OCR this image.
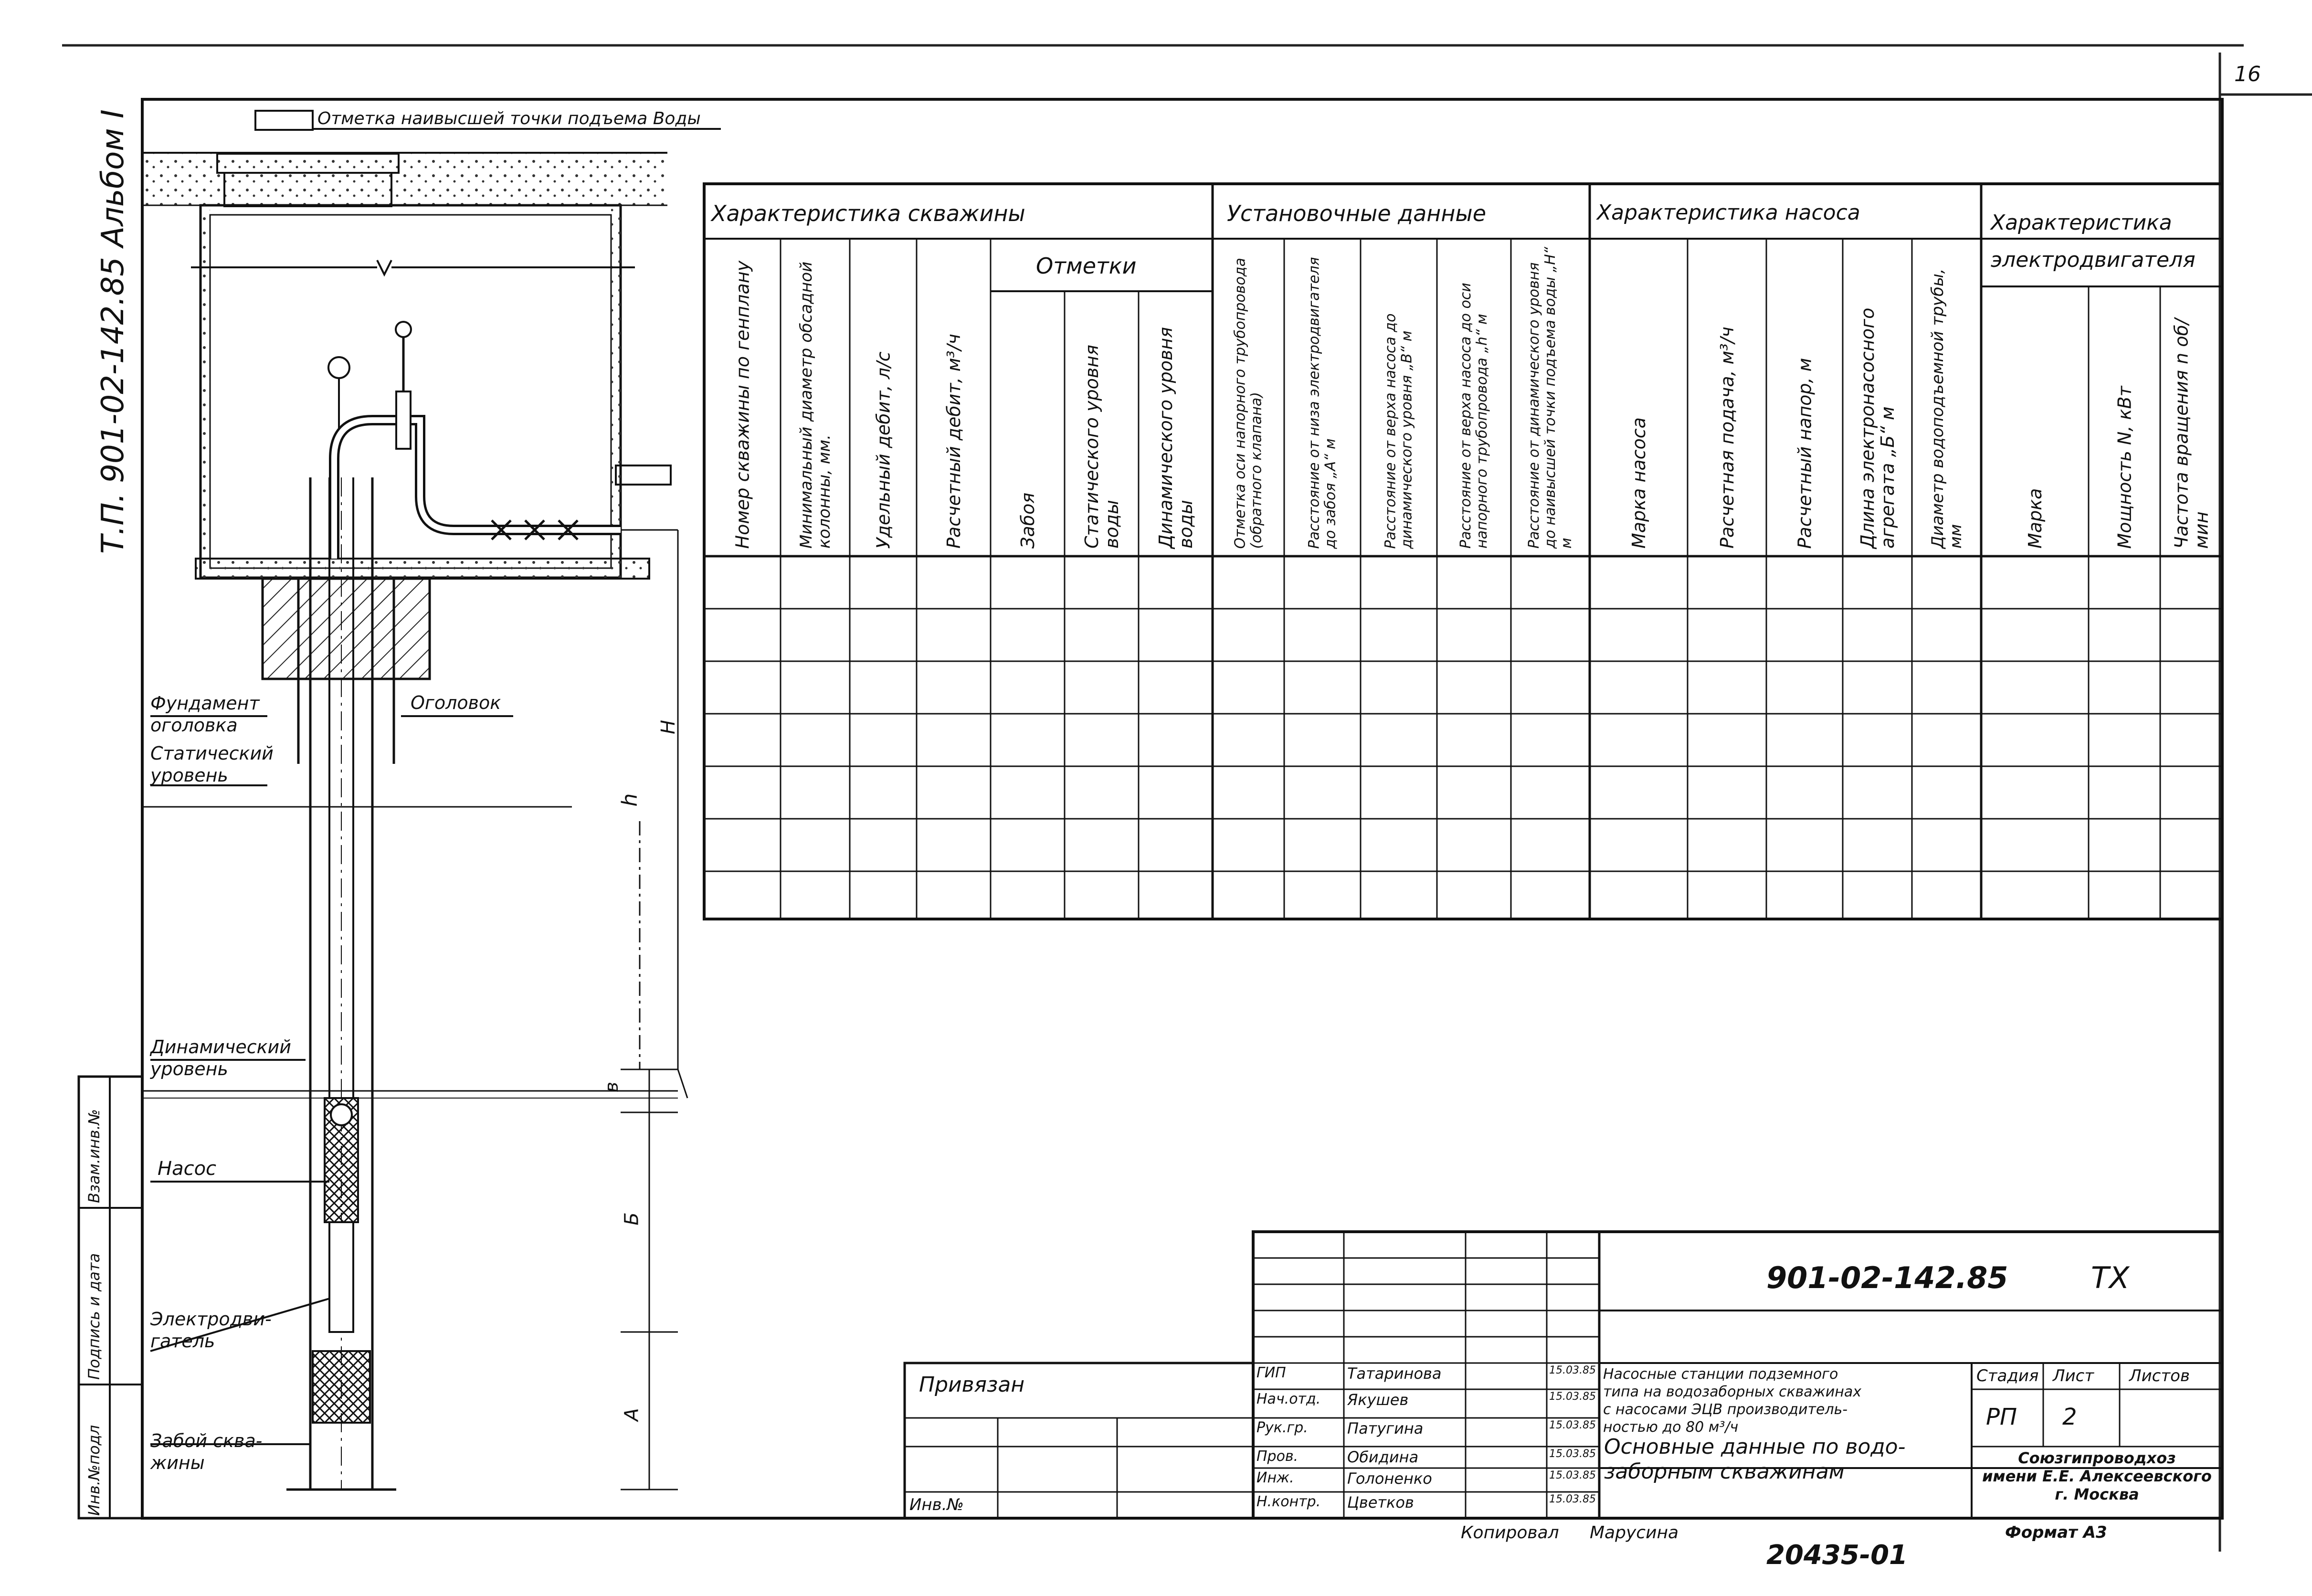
16
Т.П. 901-02-142.85 Альбом I	Отметка наивысшей точки подъема Воды
Фундамент
оголовка
Оголовок
Статический
уровень
Динамический
уровень
Насос
Электродви-
гатель
Забой сква-
жины
H
h
в
Б
А
Инв.№подл
Подпись и дата
Взам.инв.№
Характеристика скважины	Установочные данные	Характеристика насоса	Характеристика электродвигателя
Отметки
Номер скважины по генплану	Минимальный диаметр обсадной колонны, мм.	Удельный дебит, л/с	Расчетный дебит, м³/ч	Забоя	Статического уровня воды	Динамического уровня воды	Отметка оси напорного трубопровода (обратного клапана)	Расстояние от низа электродвигателя до забоя „А“ м	Расстояние от верха насоса до динамического уровня „В“ м	Расстояние от верха насоса до оси напорного трубопровода „h“ м	Расстояние от динамического уровня до наивысшей точки подъема воды „H“ м	Марка насоса	Расчетная подача, м³/ч	Расчетный напор, м	Длина электронасосного агрегата „Б“ м	Диаметр водоподъемной трубы, мм	Марка	Мощность N, кВт	Частота вращения n об/мин
901-02-142.85	ТХ
Привязан
Инв.№
ГИП	Татаринова	15.03.85
Нач.отд. Якушев	15.03.85
Рук.гр.	Патугина	15.03.85
Пров.	Обидина	15.03.85
Инж.	Голоненко	15.03.85
Н.контр. Цветков	15.03.85
Насосные станции подземного
типа на водозаборных скважинах
с насосами ЭЦВ производитель-
ностью до 80 м³/ч
Основные данные по водо-
заборным скважинам
Стадия Лист Листов
РП 2
Союзгипроводхоз
имени Е.Е. Алексеевского
г. Москва
Копировал Марусина	Формат А3
20435-01
